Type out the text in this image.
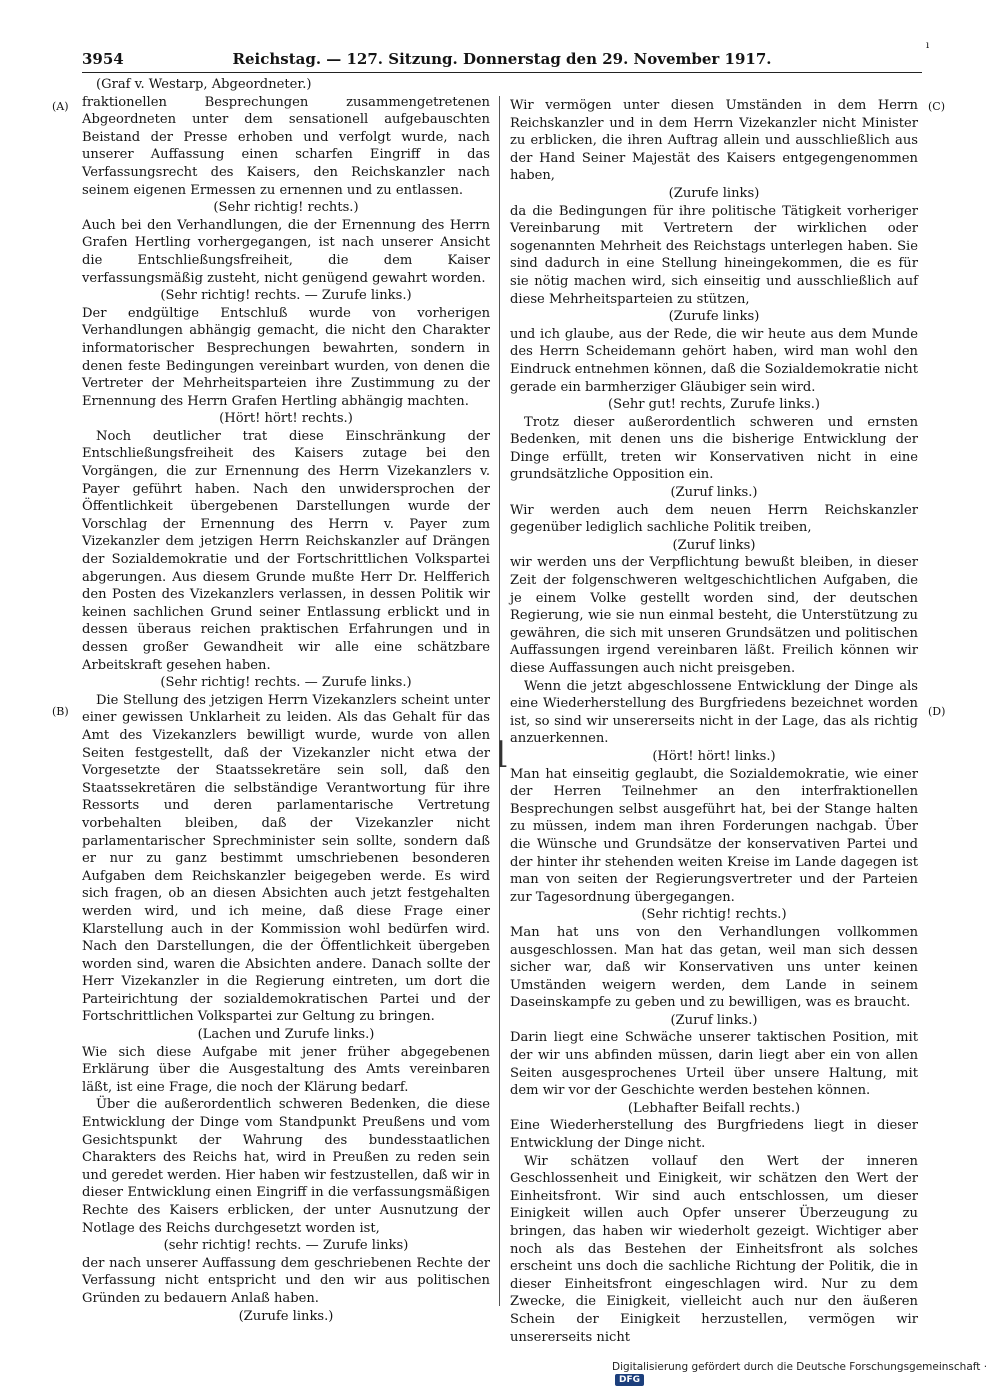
3954	Reichstag. — 127. Sitzung. Donnerstag den 29. November 1917.
ı
(A)
(B)
(C)
(D)
⌊

(Graf v. Westarp, Abgeordneter.)

fraktionellen Besprechungen zusammengetretenen Abgeordneten unter dem sensationell aufgebauschten Beistand der Presse erhoben und verfolgt wurde, nach unserer Auffassung einen scharfen Eingriff in das Verfassungsrecht des Kaisers, den Reichskanzler nach seinem eigenen Ermessen zu ernennen und zu entlassen.

(Sehr richtig! rechts.)

Auch bei den Verhandlungen, die der Ernennung des Herrn Grafen Hertling vorhergegangen, ist nach unserer Ansicht die Entschließungsfreiheit, die dem Kaiser verfassungsmäßig zusteht, nicht genügend gewahrt worden.

(Sehr richtig! rechts. — Zurufe links.)

Der endgültige Entschluß wurde von vorherigen Verhandlungen abhängig gemacht, die nicht den Charakter informatorischer Besprechungen bewahrten, sondern in denen feste Bedingungen vereinbart wurden, von denen die Vertreter der Mehrheitsparteien ihre Zustimmung zu der Ernennung des Herrn Grafen Hertling abhängig machten.

(Hört! hört! rechts.)

Noch deutlicher trat diese Einschränkung der Entschließungsfreiheit des Kaisers zutage bei den Vorgängen, die zur Ernennung des Herrn Vizekanzlers v. Payer geführt haben. Nach den unwidersprochen der Öffentlichkeit übergebenen Darstellungen wurde der Vorschlag der Ernennung des Herrn v. Payer zum Vizekanzler dem jetzigen Herrn Reichskanzler auf Drängen der Sozialdemokratie und der Fortschrittlichen Volkspartei abgerungen. Aus diesem Grunde mußte Herr Dr. Helfferich den Posten des Vizekanzlers verlassen, in dessen Politik wir keinen sachlichen Grund seiner Entlassung erblickt und in dessen überaus reichen praktischen Erfahrungen und in dessen großer Gewandheit wir alle eine schätzbare Arbeitskraft gesehen haben.

(Sehr richtig! rechts. — Zurufe links.)

Die Stellung des jetzigen Herrn Vizekanzlers scheint unter einer gewissen Unklarheit zu leiden. Als das Gehalt für das Amt des Vizekanzlers bewilligt wurde, wurde von allen Seiten festgestellt, daß der Vizekanzler nicht etwa der Vorgesetzte der Staatssekretäre sein soll, daß den Staatssekretären die selbständige Verantwortung für ihre Ressorts und deren parlamentarische Vertretung vorbehalten bleiben, daß der Vizekanzler nicht parlamentarischer Sprechminister sein sollte, sondern daß er nur zu ganz bestimmt umschriebenen besonderen Aufgaben dem Reichskanzler beigegeben werde. Es wird sich fragen, ob an diesen Absichten auch jetzt festgehalten werden wird, und ich meine, daß diese Frage einer Klarstellung auch in der Kommission wohl bedürfen wird. Nach den Darstellungen, die der Öffentlichkeit übergeben worden sind, waren die Absichten andere. Danach sollte der Herr Vizekanzler in die Regierung eintreten, um dort die Parteirichtung der sozialdemokratischen Partei und der Fortschrittlichen Volkspartei zur Geltung zu bringen.

(Lachen und Zurufe links.)

Wie sich diese Aufgabe mit jener früher abgegebenen Erklärung über die Ausgestaltung des Amts vereinbaren läßt, ist eine Frage, die noch der Klärung bedarf.

Über die außerordentlich schweren Bedenken, die diese Entwicklung der Dinge vom Standpunkt Preußens und vom Gesichtspunkt der Wahrung des bundesstaatlichen Charakters des Reichs hat, wird in Preußen zu reden sein und geredet werden. Hier haben wir festzustellen, daß wir in dieser Entwicklung einen Eingriff in die verfassungsmäßigen Rechte des Kaisers erblicken, der unter Ausnutzung der Notlage des Reichs durchgesetzt worden ist,

(sehr richtig! rechts. — Zurufe links)

der nach unserer Auffassung dem geschriebenen Rechte der Verfassung nicht entspricht und den wir aus politischen Gründen zu bedauern Anlaß haben.

(Zurufe links.)

Wir vermögen unter diesen Umständen in dem Herrn Reichskanzler und in dem Herrn Vizekanzler nicht Minister zu erblicken, die ihren Auftrag allein und ausschließlich aus der Hand Seiner Majestät des Kaisers entgegengenommen haben,

(Zurufe links)

da die Bedingungen für ihre politische Tätigkeit vorheriger Vereinbarung mit Vertretern der wirklichen oder sogenannten Mehrheit des Reichstags unterlegen haben. Sie sind dadurch in eine Stellung hineingekommen, die es für sie nötig machen wird, sich einseitig und ausschließlich auf diese Mehrheitsparteien zu stützen,

(Zurufe links)

und ich glaube, aus der Rede, die wir heute aus dem Munde des Herrn Scheidemann gehört haben, wird man wohl den Eindruck entnehmen können, daß die Sozialdemokratie nicht gerade ein barmherziger Gläubiger sein wird.

(Sehr gut! rechts, Zurufe links.)

Trotz dieser außerordentlich schweren und ernsten Bedenken, mit denen uns die bisherige Entwicklung der Dinge erfüllt, treten wir Konservativen nicht in eine grundsätzliche Opposition ein.

(Zuruf links.)

Wir werden auch dem neuen Herrn Reichskanzler gegenüber lediglich sachliche Politik treiben,

(Zuruf links)

wir werden uns der Verpflichtung bewußt bleiben, in dieser Zeit der folgenschweren weltgeschichtlichen Aufgaben, die je einem Volke gestellt worden sind, der deutschen Regierung, wie sie nun einmal besteht, die Unterstützung zu gewähren, die sich mit unseren Grundsätzen und politischen Auffassungen irgend vereinbaren läßt. Freilich können wir diese Auffassungen auch nicht preisgeben.

Wenn die jetzt abgeschlossene Entwicklung der Dinge als eine Wiederherstellung des Burgfriedens bezeichnet worden ist, so sind wir unsererseits nicht in der Lage, das als richtig anzuerkennen.

(Hört! hört! links.)

Man hat einseitig geglaubt, die Sozialdemokratie, wie einer der Herren Teilnehmer an den interfraktionellen Besprechungen selbst ausgeführt hat, bei der Stange halten zu müssen, indem man ihren Forderungen nachgab. Über die Wünsche und Grundsätze der konservativen Partei und der hinter ihr stehenden weiten Kreise im Lande dagegen ist man von seiten der Regierungsvertreter und der Parteien zur Tagesordnung übergegangen.

(Sehr richtig! rechts.)

Man hat uns von den Verhandlungen vollkommen ausgeschlossen. Man hat das getan, weil man sich dessen sicher war, daß wir Konservativen uns unter keinen Umständen weigern werden, dem Lande in seinem Daseinskampfe zu geben und zu bewilligen, was es braucht.

(Zuruf links.)

Darin liegt eine Schwäche unserer taktischen Position, mit der wir uns abfinden müssen, darin liegt aber ein von allen Seiten ausgesprochenes Urteil über unsere Haltung, mit dem wir vor der Geschichte werden bestehen können.

(Lebhafter Beifall rechts.)

Eine Wiederherstellung des Burgfriedens liegt in dieser Entwicklung der Dinge nicht.

Wir schätzen vollauf den Wert der inneren Geschlossenheit und Einigkeit, wir schätzen den Wert der Einheitsfront. Wir sind auch entschlossen, um dieser Einigkeit willen auch Opfer unserer Überzeugung zu bringen, das haben wir wiederholt gezeigt. Wichtiger aber noch als das Bestehen der Einheitsfront als solches erscheint uns doch die sachliche Richtung der Politik, die in dieser Einheitsfront eingeschlagen wird. Nur zu dem Zwecke, die Einigkeit, vielleicht auch nur den äußeren Schein der Einigkeit herzustellen, vermögen wir unsererseits nicht

Digitalisierung gefördert durch die Deutsche Forschungsgemeinschaft ·DFG
